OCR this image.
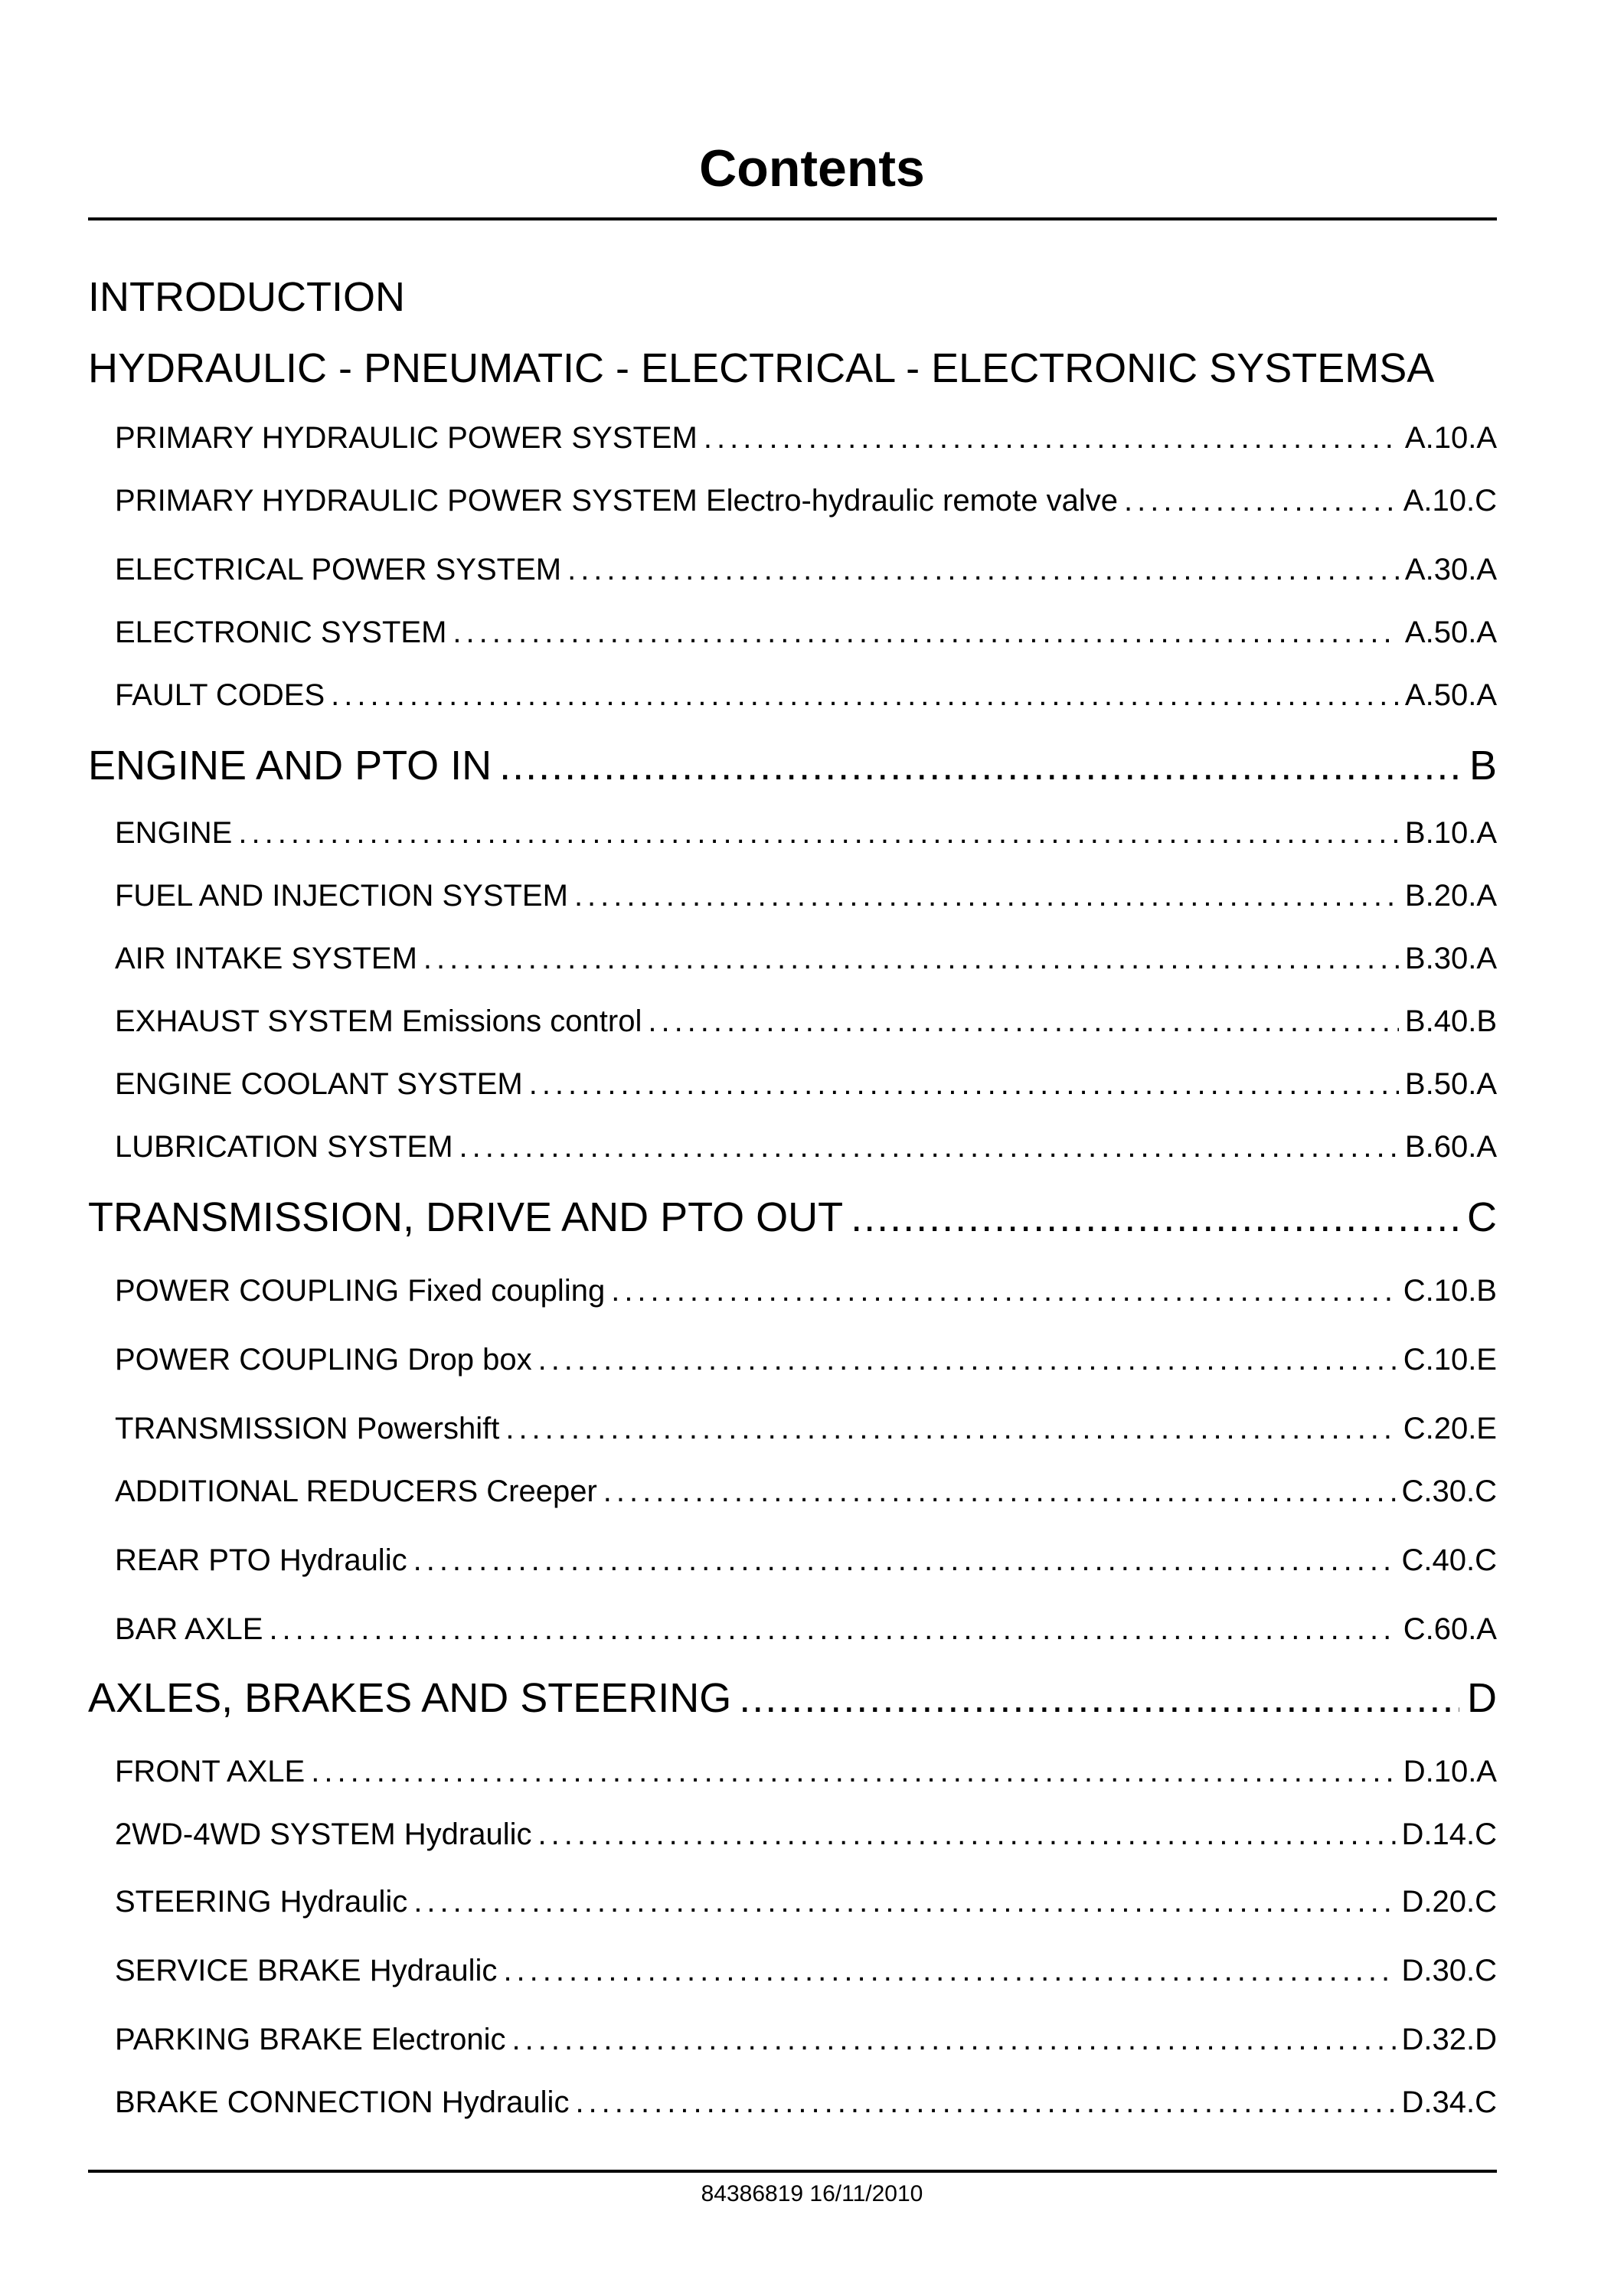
Contents
INTRODUCTION
HYDRAULIC - PNEUMATIC - ELECTRICAL - ELECTRONIC SYSTEMSA
PRIMARY HYDRAULIC POWER SYSTEM .....	A.10.A
PRIMARY HYDRAULIC POWER SYSTEM Electro-hydraulic remote valve .....	A.10.C
ELECTRICAL POWER SYSTEM .....	A.30.A
ELECTRONIC SYSTEM .....	A.50.A
FAULT CODES .....	A.50.A
ENGINE AND PTO IN .....	B
ENGINE .....	B.10.A
FUEL AND INJECTION SYSTEM .....	B.20.A
AIR INTAKE SYSTEM .....	B.30.A
EXHAUST SYSTEM Emissions control .....	B.40.B
ENGINE COOLANT SYSTEM .....	B.50.A
LUBRICATION SYSTEM .....	B.60.A
TRANSMISSION, DRIVE AND PTO OUT .....	C
POWER COUPLING Fixed coupling .....	C.10.B
POWER COUPLING Drop box .....	C.10.E
TRANSMISSION Powershift .....	C.20.E
ADDITIONAL REDUCERS Creeper .....	C.30.C
REAR PTO Hydraulic .....	C.40.C
BAR AXLE .....	C.60.A
AXLES, BRAKES AND STEERING .....	D
FRONT AXLE .....	D.10.A
2WD-4WD SYSTEM Hydraulic .....	D.14.C
STEERING Hydraulic .....	D.20.C
SERVICE BRAKE Hydraulic .....	D.30.C
PARKING BRAKE Electronic .....	D.32.D
BRAKE CONNECTION Hydraulic .....	D.34.C
84386819 16/11/2010
